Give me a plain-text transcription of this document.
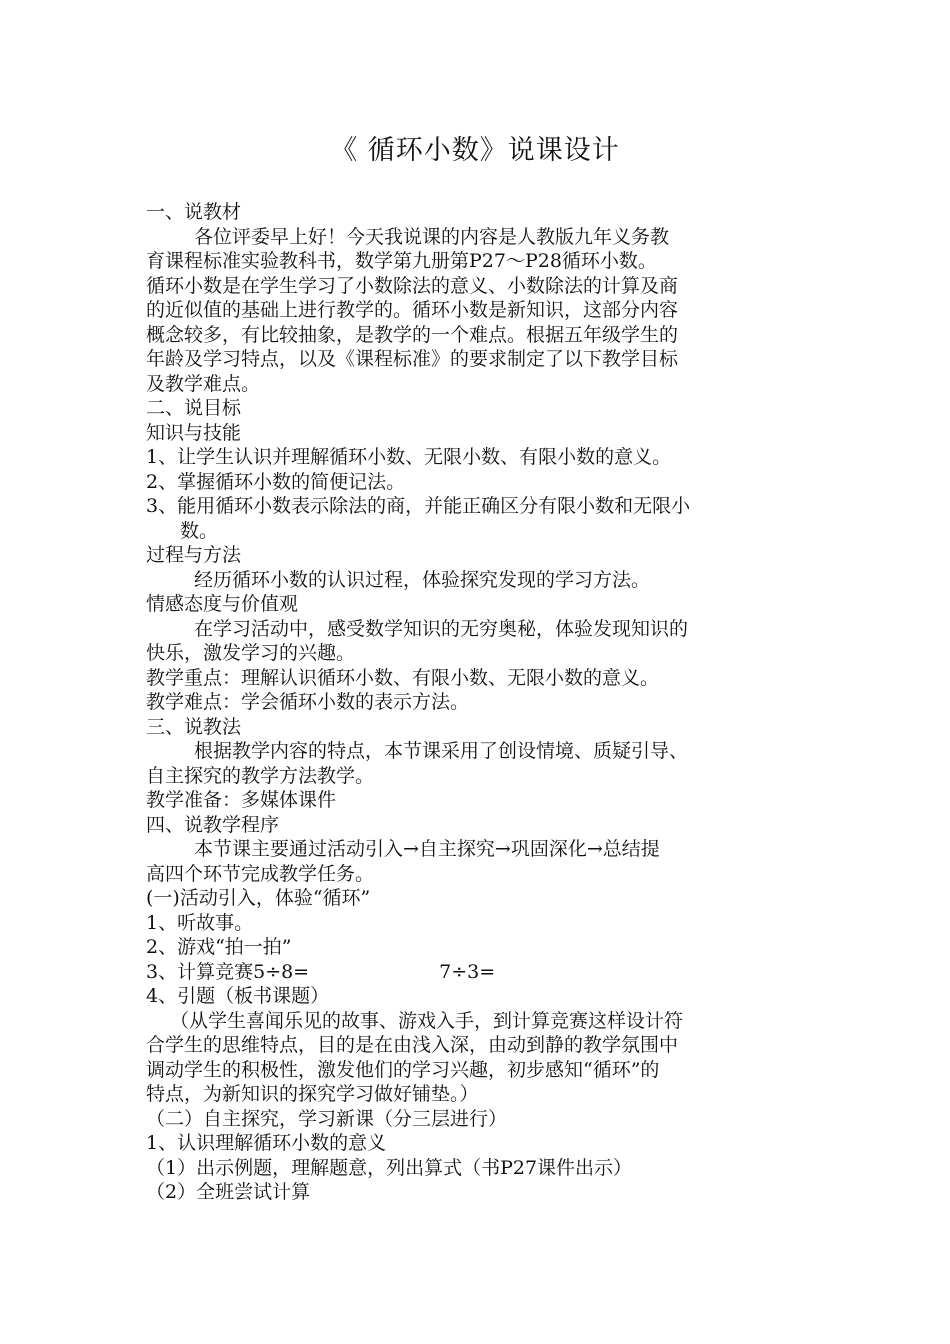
《 循环小数》说课设计
一、说教材
各位评委早上好！今天我说课的内容是人教版九年义务教
育课程标准实验教科书，数学第九册第P27～P28循环小数。
循环小数是在学生学习了小数除法的意义、小数除法的计算及商
的近似值的基础上进行教学的。循环小数是新知识，这部分内容
概念较多，有比较抽象，是教学的一个难点。根据五年级学生的
年龄及学习特点，以及《课程标准》的要求制定了以下教学目标
及教学难点。
二、说目标
知识与技能
1、让学生认识并理解循环小数、无限小数、有限小数的意义。
2、掌握循环小数的简便记法。
3、能用循环小数表示除法的商，并能正确区分有限小数和无限小
数。
过程与方法
经历循环小数的认识过程，体验探究发现的学习方法。
情感态度与价值观
在学习活动中，感受数学知识的无穷奥秘，体验发现知识的
快乐，激发学习的兴趣。
教学重点：理解认识循环小数、有限小数、无限小数的意义。
教学难点：学会循环小数的表示方法。
三、说教法
根据教学内容的特点，本节课采用了创设情境、质疑引导、
自主探究的教学方法教学。
教学准备：多媒体课件
四、说教学程序
本节课主要通过活动引入→自主探究→巩固深化→总结提
高四个环节完成教学任务。
(一)活动引入，体验“循环”
1、听故事。
2、游戏“拍一拍”
3、计算竞赛5÷8=	7÷3=
4、引题（板书课题）
（从学生喜闻乐见的故事、游戏入手，到计算竞赛这样设计符
合学生的思维特点，目的是在由浅入深，由动到静的教学氛围中
调动学生的积极性，激发他们的学习兴趣，初步感知“循环”的
特点，为新知识的探究学习做好铺垫。）
（二）自主探究，学习新课（分三层进行）
1、认识理解循环小数的意义
（1）出示例题，理解题意，列出算式（书P27课件出示）
（2）全班尝试计算
